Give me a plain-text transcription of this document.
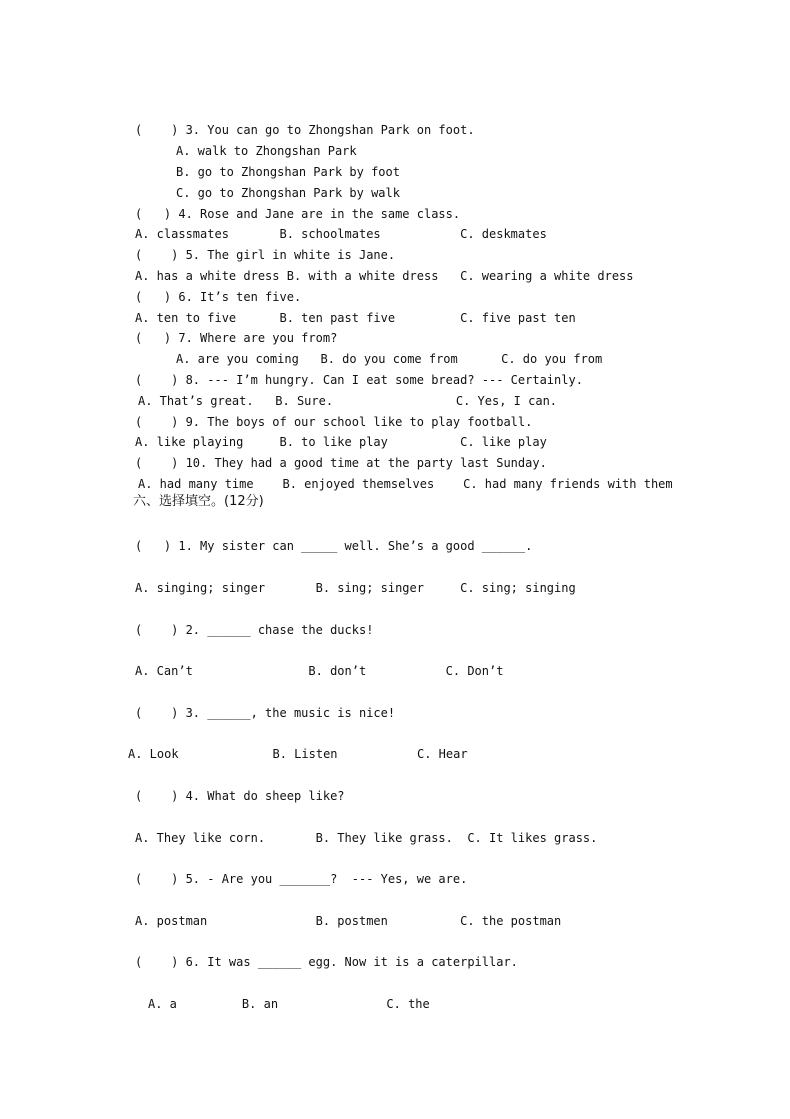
(    ) 3. You can go to Zhongshan Park on foot.
A. walk to Zhongshan Park
B. go to Zhongshan Park by foot
C. go to Zhongshan Park by walk
(   ) 4. Rose and Jane are in the same class.
A. classmates       B. schoolmates           C. deskmates
(    ) 5. The girl in white is Jane.
A. has a white dress B. with a white dress   C. wearing a white dress
(   ) 6. It’s ten five.
A. ten to five      B. ten past five         C. five past ten
(   ) 7. Where are you from?
A. are you coming   B. do you come from      C. do you from
(    ) 8. --- I’m hungry. Can I eat some bread? --- Certainly.
A. That’s great.   B. Sure.                 C. Yes, I can.
(    ) 9. The boys of our school like to play football.
A. like playing     B. to like play          C. like play
(    ) 10. They had a good time at the party last Sunday.
A. had many time    B. enjoyed themselves    C. had many friends with them
六、选择填空。(12分)
(   ) 1. My sister can _____ well. She’s a good ______.
A. singing; singer       B. sing; singer     C. sing; singing
(    ) 2. ______ chase the ducks!
A. Can’t                B. don’t           C. Don’t
(    ) 3. ______, the music is nice!
A. Look             B. Listen           C. Hear
(    ) 4. What do sheep like?
A. They like corn.       B. They like grass.  C. It likes grass.
(    ) 5. - Are you _______?  --- Yes, we are.
A. postman               B. postmen          C. the postman
(    ) 6. It was ______ egg. Now it is a caterpillar.
A. a         B. an               C. the
